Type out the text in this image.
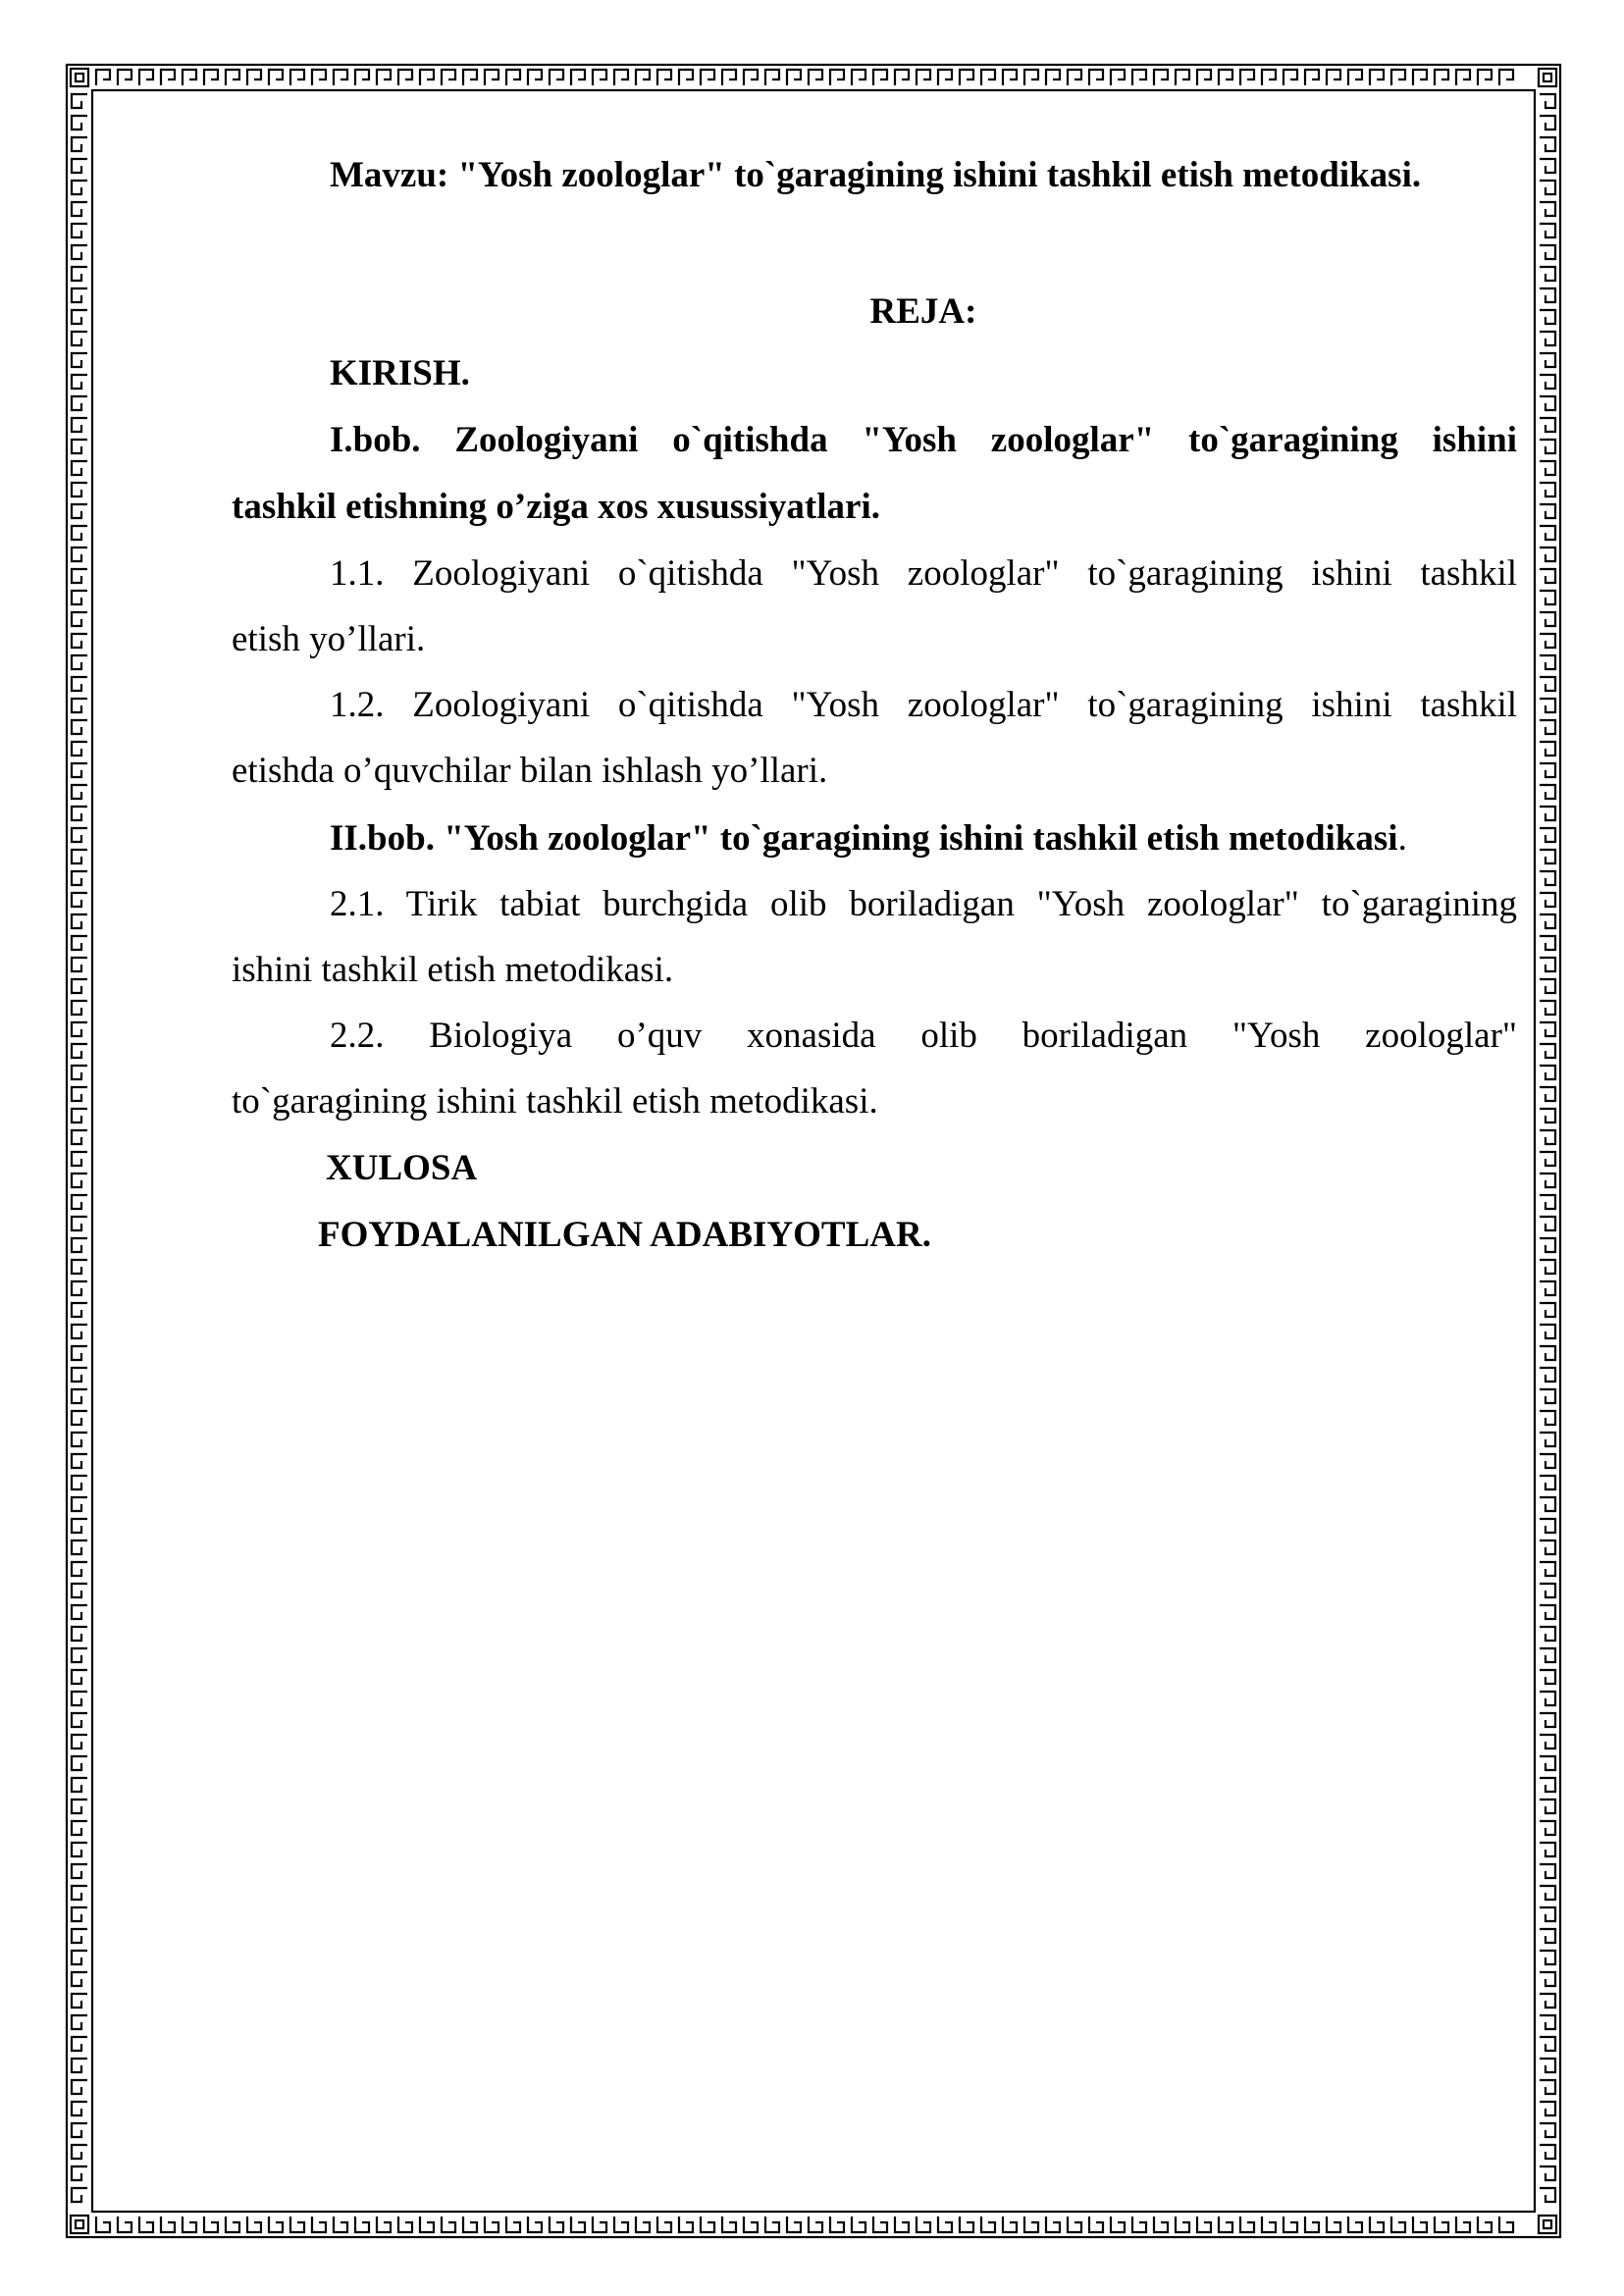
Mavzu: "Yosh zoologlar" to`garagining ishini tashkil etish metodikasi.
REJA:
KIRISH.
I.bob. Zoologiyani o`qitishda "Yosh zoologlar" to`garagining ishini
tashkil etishning o’ziga xos xusussiyatlari.
1.1. Zoologiyani o`qitishda "Yosh zoologlar" to`garagining ishini tashkil
etish yo’llari.
1.2. Zoologiyani o`qitishda "Yosh zoologlar" to`garagining ishini tashkil
etishda o’quvchilar bilan ishlash yo’llari.
II.bob. "Yosh zoologlar" to`garagining ishini tashkil etish metodikasi.
2.1. Tirik tabiat burchgida olib boriladigan "Yosh zoologlar" to`garagining
ishini tashkil etish metodikasi.
2.2. Biologiya o’quv xonasida olib boriladigan "Yosh zoologlar"
to`garagining ishini tashkil etish metodikasi.
XULOSA
FOYDALANILGAN ADABIYOTLAR.
